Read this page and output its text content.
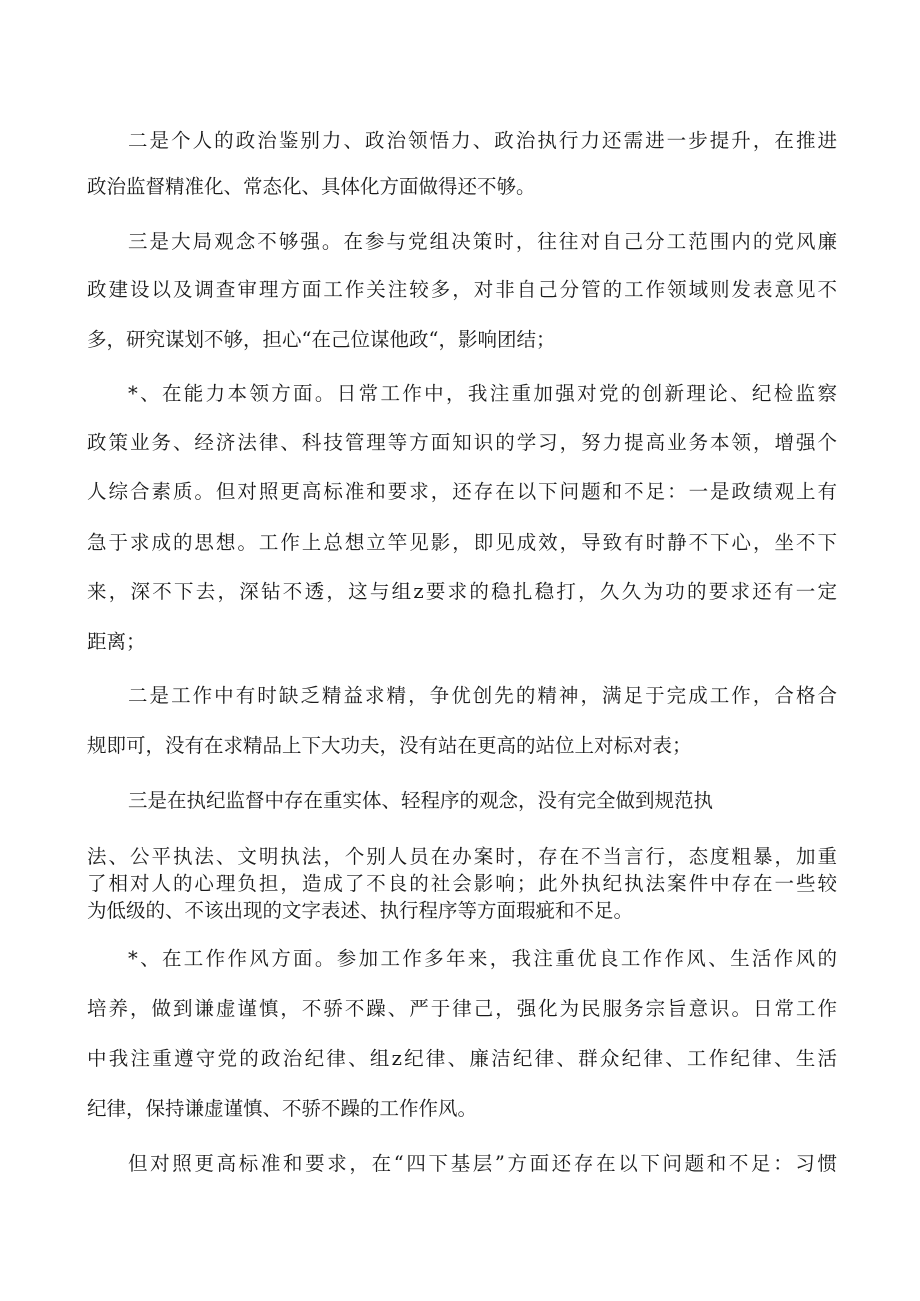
二是个人的政治鉴别力、政治领悟力、政治执行力还需进一步提升，在推进
政治监督精准化、常态化、具体化方面做得还不够。
三是大局观念不够强。在参与党组决策时，往往对自己分工范围内的党风廉
政建设以及调查审理方面工作关注较多，对非自己分管的工作领域则发表意见不
多，研究谋划不够，担心“在己位谋他政“，影响团结；
*、在能力本领方面。日常工作中，我注重加强对党的创新理论、纪检监察
政策业务、经济法律、科技管理等方面知识的学习，努力提高业务本领，增强个
人综合素质。但对照更高标准和要求，还存在以下问题和不足：一是政绩观上有
急于求成的思想。工作上总想立竿见影，即见成效，导致有时静不下心，坐不下
来，深不下去，深钻不透，这与组z要求的稳扎稳打，久久为功的要求还有一定
距离；
二是工作中有时缺乏精益求精，争优创先的精神，满足于完成工作，合格合
规即可，没有在求精品上下大功夫，没有站在更高的站位上对标对表；
三是在执纪监督中存在重实体、轻程序的观念，没有完全做到规范执
法、公平执法、文明执法，个别人员在办案时，存在不当言行，态度粗暴，加重
了相对人的心理负担，造成了不良的社会影响；此外执纪执法案件中存在一些较
为低级的、不该出现的文字表述、执行程序等方面瑕疵和不足。
*、在工作作风方面。参加工作多年来，我注重优良工作作风、生活作风的
培养，做到谦虚谨慎，不骄不躁、严于律己，强化为民服务宗旨意识。日常工作
中我注重遵守党的政治纪律、组z纪律、廉洁纪律、群众纪律、工作纪律、生活
纪律，保持谦虚谨慎、不骄不躁的工作作风。
但对照更高标准和要求，在“四下基层”方面还存在以下问题和不足：习惯
